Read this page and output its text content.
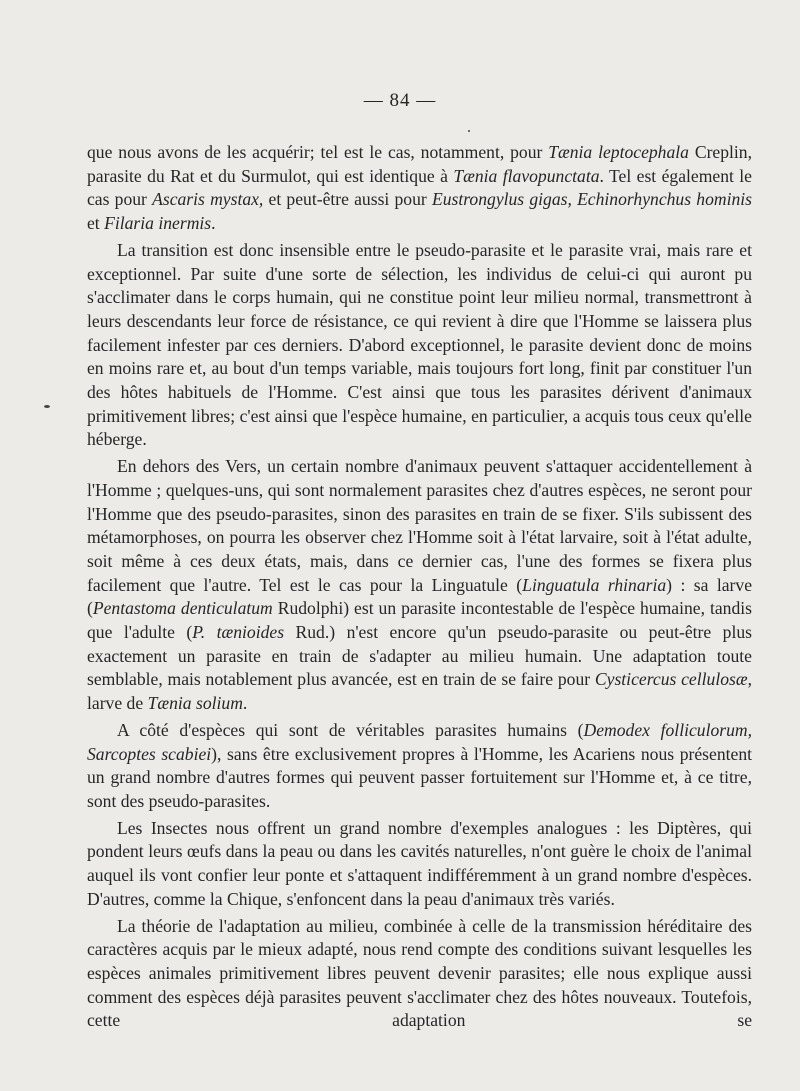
— 84 —

que nous avons de les acquérir; tel est le cas, notamment, pour Tænia leptocephala Creplin, parasite du Rat et du Surmulot, qui est identique à Tænia flavopunctata. Tel est également le cas pour Ascaris mystax, et peut-être aussi pour Eustrongylus gigas, Echinorhynchus hominis et Filaria inermis.

La transition est donc insensible entre le pseudo-parasite et le parasite vrai, mais rare et exceptionnel. Par suite d'une sorte de sélection, les individus de celui-ci qui auront pu s'acclimater dans le corps humain, qui ne constitue point leur milieu normal, transmettront à leurs descendants leur force de résistance, ce qui revient à dire que l'Homme se laissera plus facilement infester par ces derniers. D'abord exceptionnel, le parasite devient donc de moins en moins rare et, au bout d'un temps variable, mais toujours fort long, finit par constituer l'un des hôtes habituels de l'Homme. C'est ainsi que tous les parasites dérivent d'animaux primitivement libres; c'est ainsi que l'espèce humaine, en particulier, a acquis tous ceux qu'elle héberge.

En dehors des Vers, un certain nombre d'animaux peuvent s'attaquer accidentellement à l'Homme ; quelques-uns, qui sont normalement parasites chez d'autres espèces, ne seront pour l'Homme que des pseudo-parasites, sinon des parasites en train de se fixer. S'ils subissent des métamorphoses, on pourra les observer chez l'Homme soit à l'état larvaire, soit à l'état adulte, soit même à ces deux états, mais, dans ce dernier cas, l'une des formes se fixera plus facilement que l'autre. Tel est le cas pour la Linguatule (Linguatula rhinaria) : sa larve (Pentastoma denticulatum Rudolphi) est un parasite incontestable de l'espèce humaine, tandis que l'adulte (P. tænioides Rud.) n'est encore qu'un pseudo-parasite ou peut-être plus exactement un parasite en train de s'adapter au milieu humain. Une adaptation toute semblable, mais notablement plus avancée, est en train de se faire pour Cysticercus cellulosæ, larve de Tænia solium.

A côté d'espèces qui sont de véritables parasites humains (Demodex folliculorum, Sarcoptes scabiei), sans être exclusivement propres à l'Homme, les Acariens nous présentent un grand nombre d'autres formes qui peuvent passer fortuitement sur l'Homme et, à ce titre, sont des pseudo-parasites.

Les Insectes nous offrent un grand nombre d'exemples analogues : les Diptères, qui pondent leurs œufs dans la peau ou dans les cavités naturelles, n'ont guère le choix de l'animal auquel ils vont confier leur ponte et s'attaquent indifféremment à un grand nombre d'espèces. D'autres, comme la Chique, s'enfoncent dans la peau d'animaux très variés.

La théorie de l'adaptation au milieu, combinée à celle de la transmission héréditaire des caractères acquis par le mieux adapté, nous rend compte des conditions suivant lesquelles les espèces animales primitivement libres peuvent devenir parasites; elle nous explique aussi comment des espèces déjà parasites peuvent s'acclimater chez des hôtes nouveaux. Toutefois, cette adaptation se
